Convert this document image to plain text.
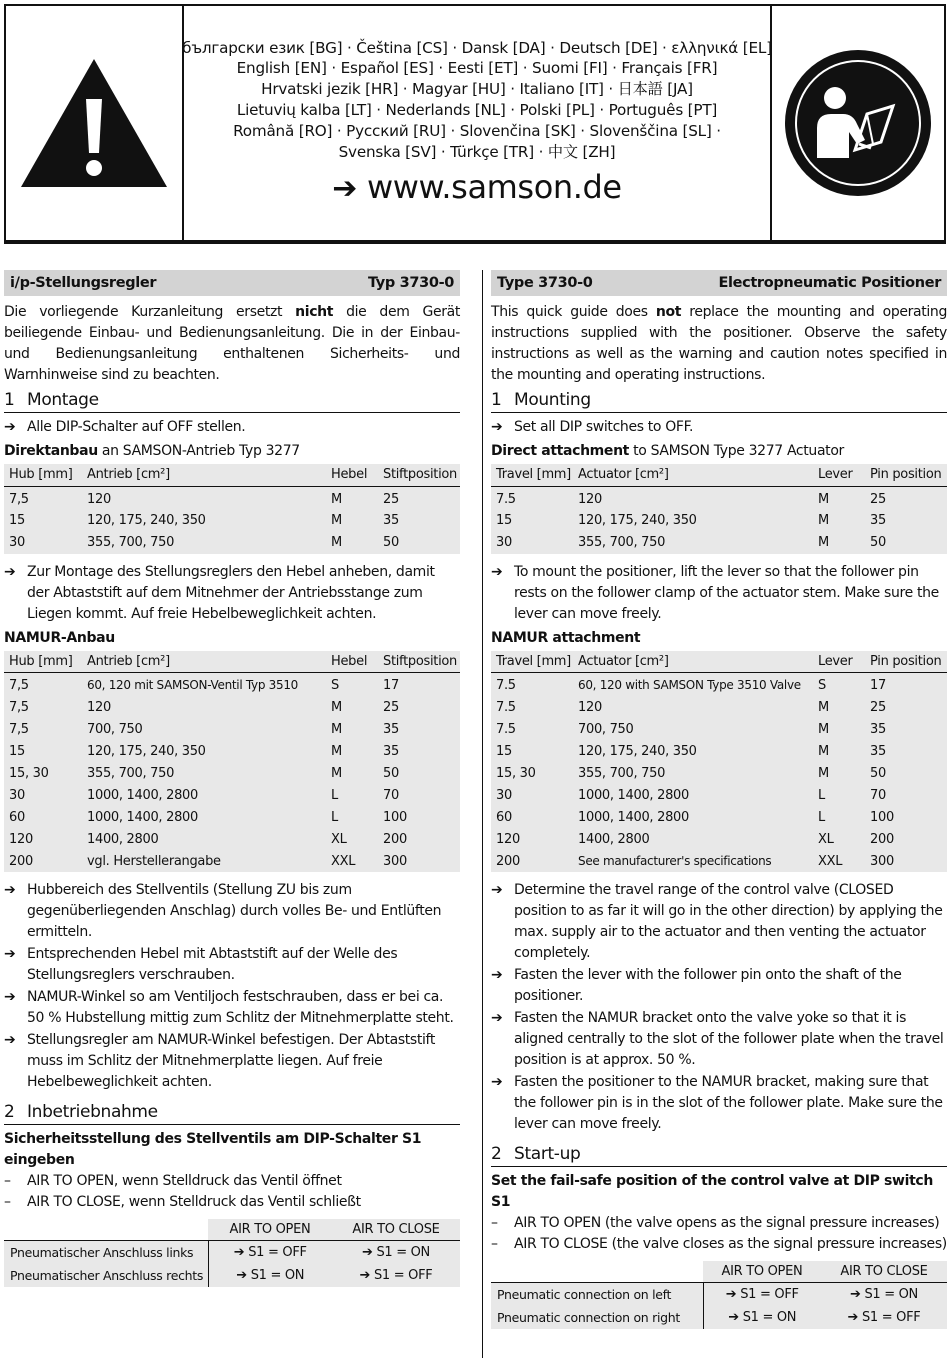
български език [BG] · Čeština [CS] · Dansk [DA] · Deutsch [DE] · ελληνικά [EL]
English [EN] · Español [ES] · Eesti [ET] · Suomi [FI] · Français [FR]
Hrvatski jezik [HR] · Magyar [HU] · Italiano [IT] · 日本語 [JA]
Lietuvių kalba [LT] · Nederlands [NL] · Polski [PL] · Português [PT]
Română [RO] · Русский [RU] · Slovenčina [SK] · Slovenščina [SL] ·
Svenska [SV] · Türkçe [TR] · 中文 [ZH]
➔ www.samson.de
i/p-Stellungsregler	Typ 3730-0

Die vorliegende Kurzanleitung ersetzt nicht die dem Gerät beiliegende Einbau- und Bedienungsanleitung. Die in der Einbau- und Bedienungsanleitung enthaltenen Sicherheits- und Warnhinweise sind zu beachten.

1 Montage
➔ Alle DIP-Schalter auf OFF stellen.
Direktanbau an SAMSON-Antrieb Typ 3277
Hub [mm]	Antrieb [cm²]	Hebel	Stiftposition
7,5	120	M	25
15	120, 175, 240, 350	M	35
30	355, 700, 750	M	50
➔ Zur Montage des Stellungsreglers den Hebel anheben, damit der Abtaststift auf dem Mitnehmer der Antriebsstange zum Liegen kommt. Auf freie Hebelbeweglichkeit achten.
NAMUR-Anbau
Hub [mm]	Antrieb [cm²]	Hebel	Stiftposition
7,5	60, 120 mit SAMSON-Ventil Typ 3510	S	17
7,5	120	M	25
7,5	700, 750	M	35
15	120, 175, 240, 350	M	35
15, 30	355, 700, 750	M	50
30	1000, 1400, 2800	L	70
60	1000, 1400, 2800	L	100
120	1400, 2800	XL	200
200	vgl. Herstellerangabe	XXL	300
➔ Hubbereich des Stellventils (Stellung ZU bis zum gegenüberliegenden Anschlag) durch volles Be- und Entlüften ermitteln.
➔ Entsprechenden Hebel mit Abtaststift auf der Welle des Stellungsreglers verschrauben.
➔ NAMUR-Winkel so am Ventiljoch festschrauben, dass er bei ca. 50 % Hubstellung mittig zum Schlitz der Mitnehmerplatte steht.
➔ Stellungsregler am NAMUR-Winkel befestigen. Der Abtaststift muss im Schlitz der Mitnehmerplatte liegen. Auf freie Hebelbeweglichkeit achten.
2 Inbetriebnahme
Sicherheitsstellung des Stellventils am DIP-Schalter S1 eingeben
–	AIR TO OPEN, wenn Stelldruck das Ventil öffnet
–	AIR TO CLOSE, wenn Stelldruck das Ventil schließt
	AIR TO OPEN	AIR TO CLOSE
Pneumatischer Anschluss links	➔ S1 = OFF	➔ S1 = ON
Pneumatischer Anschluss rechts	➔ S1 = ON	➔ S1 = OFF
Type 3730-0	Electropneumatic Positioner

This quick guide does not replace the mounting and operating instructions supplied with the positioner. Observe the safety instructions as well as the warning and caution notes specified in the mounting and operating instructions.

1 Mounting
➔ Set all DIP switches to OFF.
Direct attachment to SAMSON Type 3277 Actuator
Travel [mm]	Actuator [cm²]	Lever	Pin position
7.5	120	M	25
15	120, 175, 240, 350	M	35
30	355, 700, 750	M	50
➔ To mount the positioner, lift the lever so that the follower pin rests on the follower clamp of the actuator stem. Make sure the lever can move freely.
NAMUR attachment
Travel [mm]	Actuator [cm²]	Lever	Pin position
7.5	60, 120 with SAMSON Type 3510 Valve	S	17
7.5	120	M	25
7.5	700, 750	M	35
15	120, 175, 240, 350	M	35
15, 30	355, 700, 750	M	50
30	1000, 1400, 2800	L	70
60	1000, 1400, 2800	L	100
120	1400, 2800	XL	200
200	See manufacturer's specifications	XXL	300
➔ Determine the travel range of the control valve (CLOSED position to as far it will go in the other direction) by applying the max. supply air to the actuator and then venting the actuator completely.
➔ Fasten the lever with the follower pin onto the shaft of the positioner.
➔ Fasten the NAMUR bracket onto the valve yoke so that it is aligned centrally to the slot of the follower plate when the travel position is at approx. 50 %.
➔ Fasten the positioner to the NAMUR bracket, making sure that the follower pin is in the slot of the follower plate. Make sure the lever can move freely.
2 Start-up
Set the fail-safe position of the control valve at DIP switch S1
–	AIR TO OPEN (the valve opens as the signal pressure increases)
–	AIR TO CLOSE (the valve closes as the signal pressure increases)
	AIR TO OPEN	AIR TO CLOSE
Pneumatic connection on left	➔ S1 = OFF	➔ S1 = ON
Pneumatic connection on right	➔ S1 = ON	➔ S1 = OFF
